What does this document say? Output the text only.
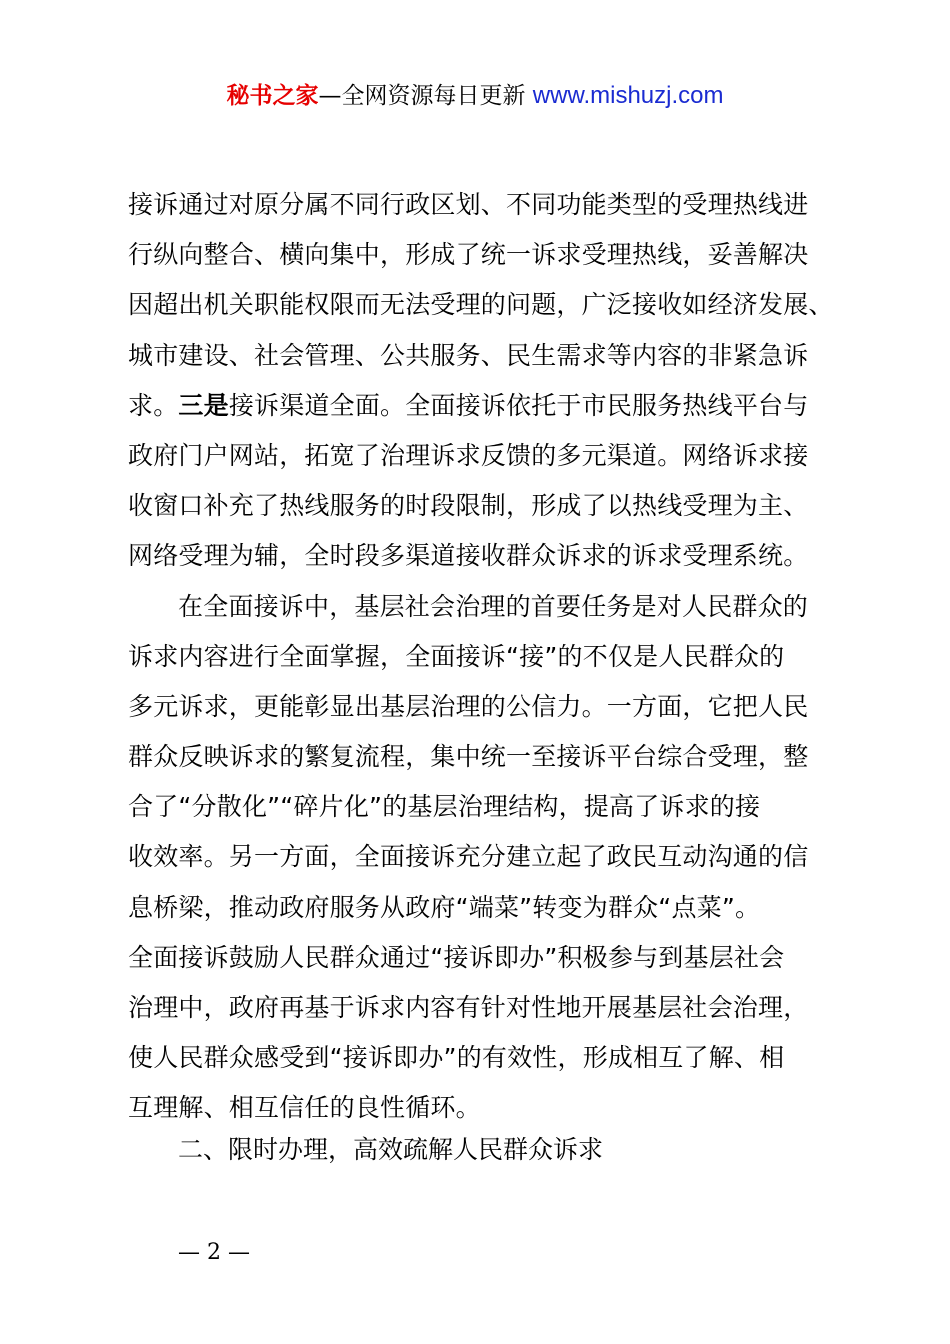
秘书之家—全网资源每日更新 www.mishuzj.com
接诉通过对原分属不同行政区划、不同功能类型的受理热线进
行纵向整合、横向集中，形成了统一诉求受理热线，妥善解决
因超出机关职能权限而无法受理的问题，广泛接收如经济发展、
城市建设、社会管理、公共服务、民生需求等内容的非紧急诉
求。三是接诉渠道全面。全面接诉依托于市民服务热线平台与
政府门户网站，拓宽了治理诉求反馈的多元渠道。网络诉求接
收窗口补充了热线服务的时段限制，形成了以热线受理为主、
网络受理为辅，全时段多渠道接收群众诉求的诉求受理系统。
在全面接诉中，基层社会治理的首要任务是对人民群众的
诉求内容进行全面掌握，全面接诉“接”的不仅是人民群众的
多元诉求，更能彰显出基层治理的公信力。一方面，它把人民
群众反映诉求的繁复流程，集中统一至接诉平台综合受理，整
合了“分散化”“碎片化”的基层治理结构，提高了诉求的接
收效率。另一方面，全面接诉充分建立起了政民互动沟通的信
息桥梁，推动政府服务从政府“端菜”转变为群众“点菜”。
全面接诉鼓励人民群众通过“接诉即办”积极参与到基层社会
治理中，政府再基于诉求内容有针对性地开展基层社会治理，
使人民群众感受到“接诉即办”的有效性，形成相互了解、相
互理解、相互信任的良性循环。
二、限时办理，高效疏解人民群众诉求
— 2 —
